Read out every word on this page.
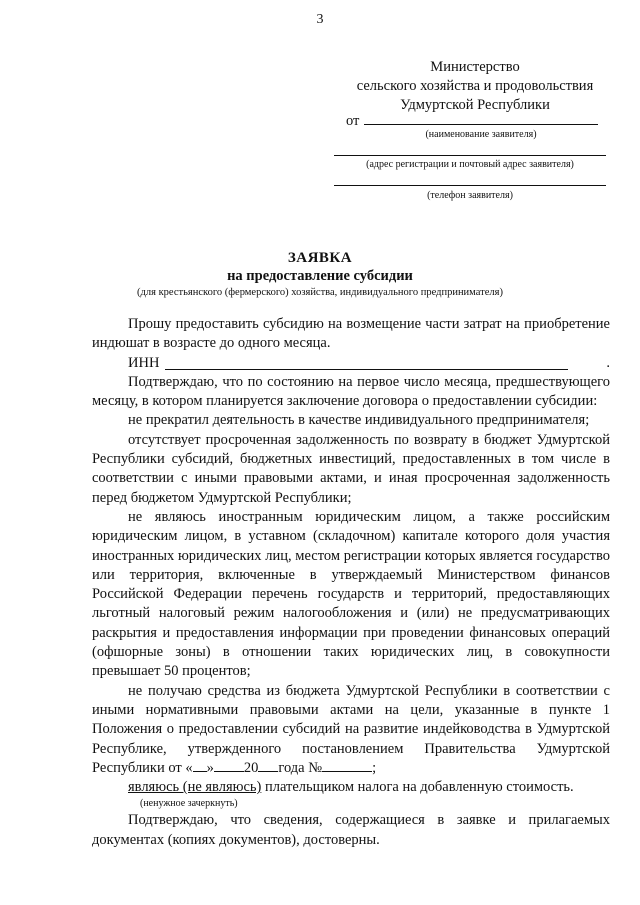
3
Министерство
сельского хозяйства и продовольствия
Удмуртской Республики
от
(наименование заявителя)
(адрес регистрации и почтовый адрес заявителя)
(телефон заявителя)
ЗАЯВКА
на предоставление субсидии
(для крестьянского (фермерского) хозяйства, индивидуального предпринимателя)

Прошу предоставить субсидию на возмещение части затрат на приобретение индюшат в возрасте до одного месяца.

ИНН	.

Подтверждаю, что по состоянию на первое число месяца, предшествующего месяцу, в котором планируется заключение договора о предоставлении субсидии:

не прекратил деятельность в качестве индивидуального предпринимателя;

отсутствует просроченная задолженность по возврату в бюджет Удмуртской Республики субсидий, бюджетных инвестиций, предоставленных в том числе в соответствии с иными правовыми актами, и иная просроченная задолженность перед бюджетом Удмуртской Республики;

не являюсь иностранным юридическим лицом, а также российским юридическим лицом, в уставном (складочном) капитале которого доля участия иностранных юридических лиц, местом регистрации которых является государство или территория, включенные в утверждаемый Министерством финансов Российской Федерации перечень государств и территорий, предоставляющих льготный налоговый режим налогообложения и (или) не предусматривающих раскрытия и предоставления информации при проведении финансовых операций (офшорные зоны) в отношении таких юридических лиц, в совокупности превышает 50 процентов;

не получаю средства из бюджета Удмуртской Республики в соответствии с иными нормативными правовыми актами на цели, указанные в пункте 1 Положения о предоставлении субсидий на развитие индейководства в Удмуртской Республике, утвержденного постановлением Правительства Удмуртской Республики от « » 20 года №	;

являюсь (не являюсь) плательщиком налога на добавленную стоимость.

(ненужное зачеркнуть)

Подтверждаю, что сведения, содержащиеся в заявке и прилагаемых документах (копиях документов), достоверны.
